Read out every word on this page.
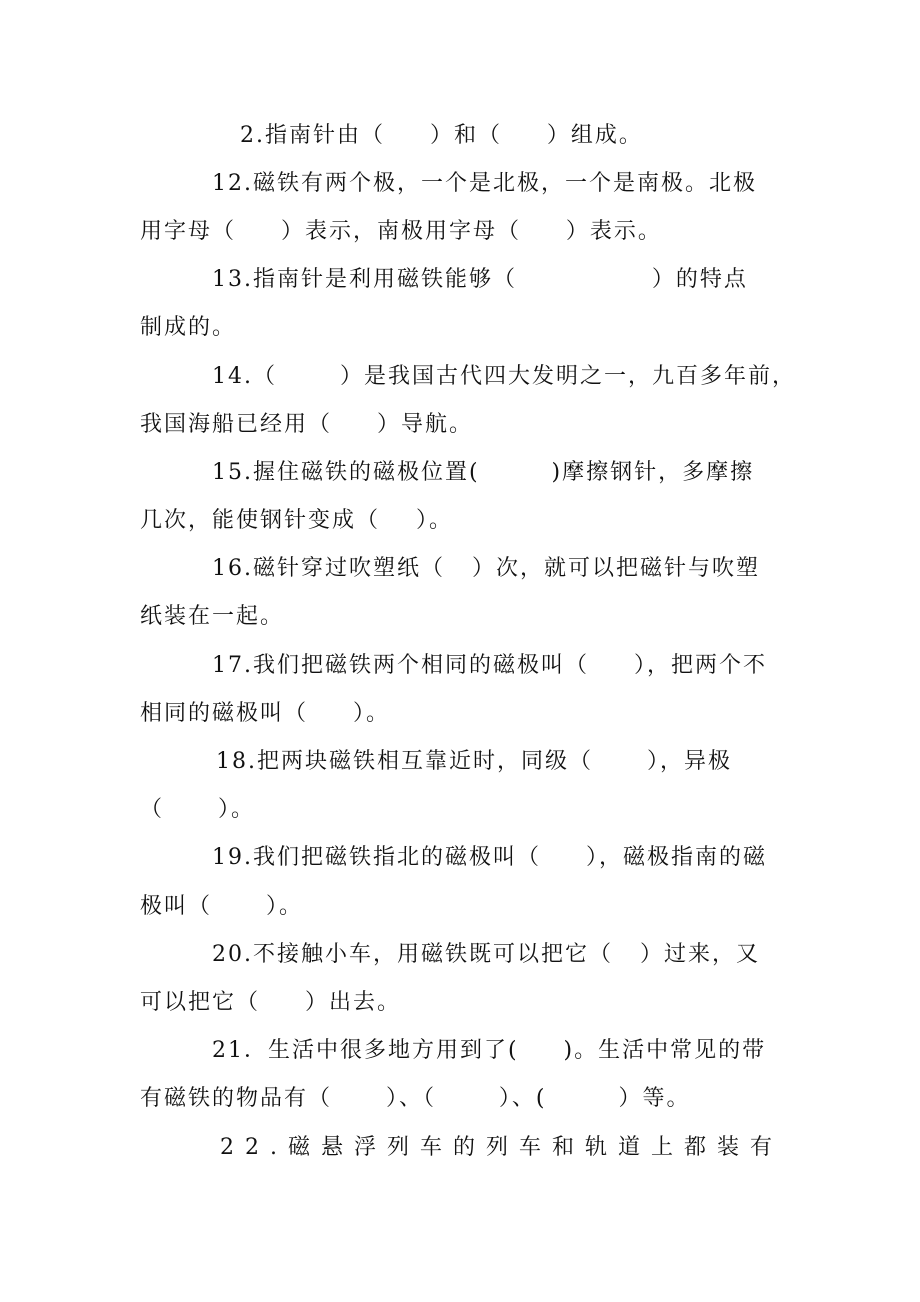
2.指南针由（     ）和（     ）组成。
12.磁铁有两个极，一个是北极，一个是南极。北极
用字母（     ）表示，南极用字母（     ）表示。
13.指南针是利用磁铁能够（               ）的特点
制成的。
14.（       ）是我国古代四大发明之一，九百多年前，
我国海船已经用（     ）导航。
15.握住磁铁的磁极位置(        )摩擦钢针，多摩擦
几次，能使钢针变成（    ）。
16.磁针穿过吹塑纸（   ）次，就可以把磁针与吹塑
纸装在一起。
17.我们把磁铁两个相同的磁极叫（     ），把两个不
相同的磁极叫（     ）。
18.把两块磁铁相互靠近时，同级（      ），异极
（      ）。
19.我们把磁铁指北的磁极叫（     ），磁极指南的磁
极叫（      ）。
20.不接触小车，用磁铁既可以把它（   ）过来，又
可以把它（     ）出去。
21．生活中很多地方用到了(     )。生活中常见的带
有磁铁的物品有（      ）、（       ）、(        ）等。
22.磁悬浮列车的列车和轨道上都装有
